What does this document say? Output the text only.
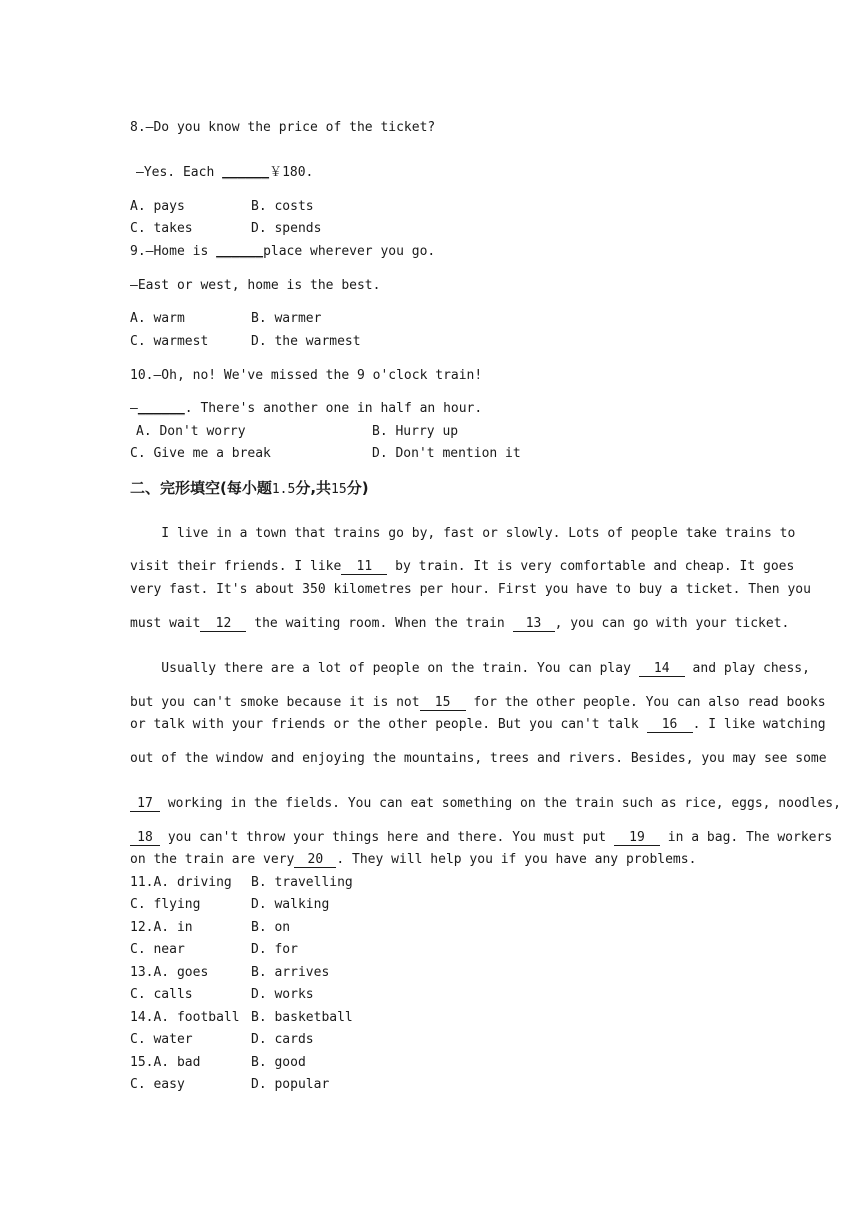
8.—Do you know the price of the ticket?
—Yes. Each ______￥180.
A. pays	B. costs
C. takes	D. spends
9.—Home is ______place wherever you go.
—East or west, home is the best.
A. warm	B. warmer
C. warmest	D. the warmest
10.—Oh, no! We've missed the 9 o'clock train!
—______. There's another one in half an hour.
A. Don't worry	B. Hurry up
C. Give me a break	D. Don't mention it
二、完形填空(每小题1.5分,共15分)
I live in a town that trains go by, fast or slowly. Lots of people take trains to
visit their friends. I like 11 by train. It is very comfortable and cheap. It goes
very fast. It's about 350 kilometres per hour. First you have to buy a ticket. Then you
must wait 12 the waiting room. When the train 13 , you can go with your ticket.
Usually there are a lot of people on the train. You can play 14 and play chess,
but you can't smoke because it is not 15 for the other people. You can also read books
or talk with your friends or the other people. But you can't talk 16 . I like watching
out of the window and enjoying the mountains, trees and rivers. Besides, you may see some
17 working in the fields. You can eat something on the train such as rice, eggs, noodles,
18 you can't throw your things here and there. You must put 19 in a bag. The workers
on the train are very 20 . They will help you if you have any problems.
11.A. driving B. travelling
C. flying	D. walking
12.A. in	B. on
C. near	D. for
13.A. goes	B. arrives
C. calls	D. works
14.A. football B. basketball
C. water	D. cards
15.A. bad	B. good
C. easy	D. popular
